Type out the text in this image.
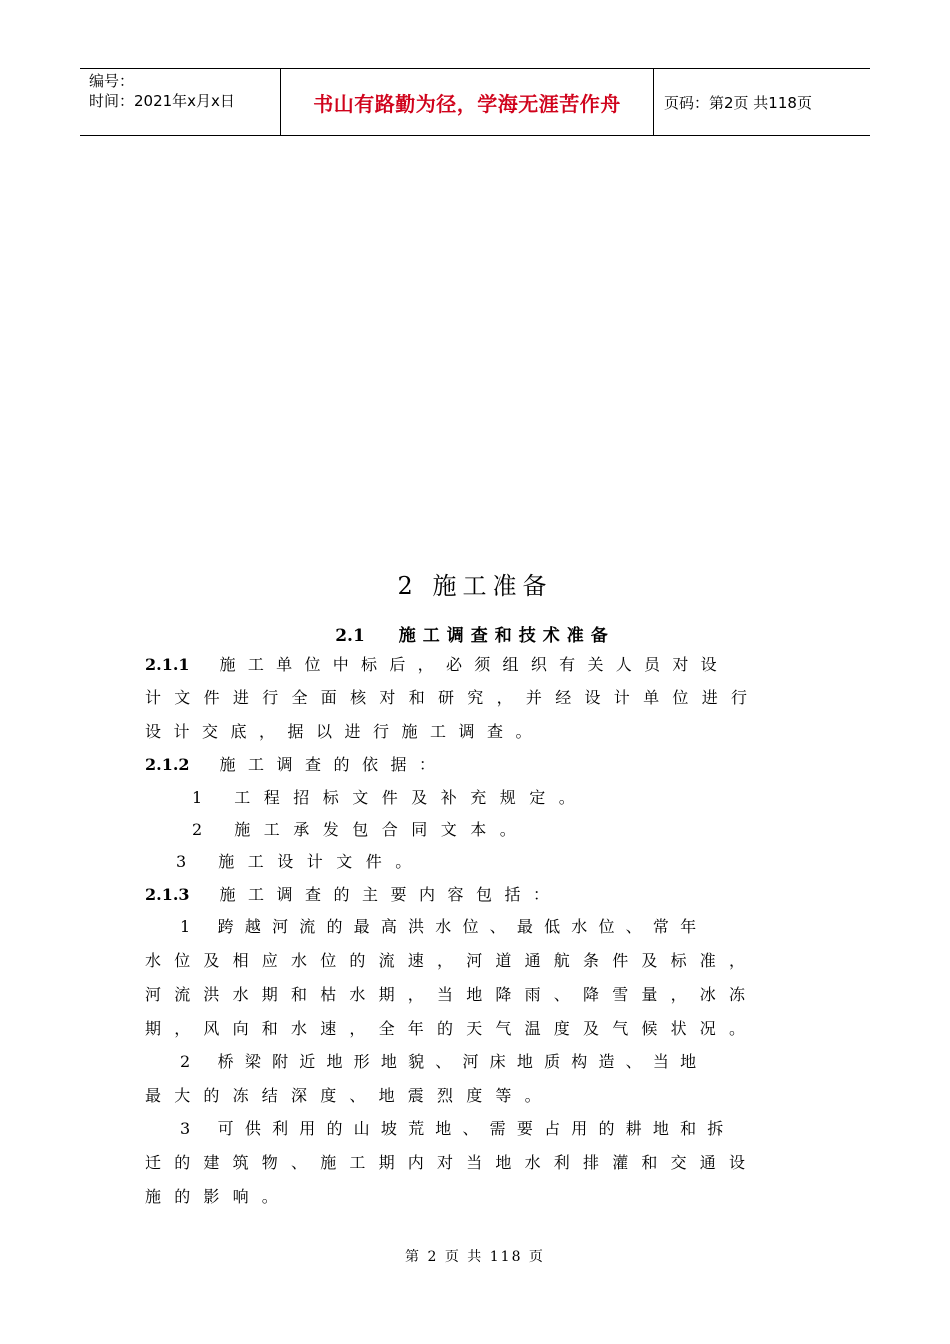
编号：
时间：2021年x月x日	书山有路勤为径，学海无涯苦作舟	页码：第2页 共118页
2 施工准备
2.1 施工调查和技术准备
2.1.1 施工单位中标后，必须组织有关人员对设
计文件进行全面核对和研究，并经设计单位进行
设计交底，据以进行施工调查。
2.1.2 施工调查的依据：
1 工程招标文件及补充规定。
2 施工承发包合同文本。
3 施工设计文件。
2.1.3 施工调查的主要内容包括：
1 跨越河流的最高洪水位、最低水位、常年
水位及相应水位的流速，河道通航条件及标准，
河流洪水期和枯水期，当地降雨、降雪量，冰冻
期，风向和水速，全年的天气温度及气候状况。
2 桥梁附近地形地貌、河床地质构造、当地
最大的冻结深度、地震烈度等。
3 可供利用的山坡荒地、需要占用的耕地和拆
迁的建筑物、施工期内对当地水利排灌和交通设
施的影响。
第 2 页 共 118 页
